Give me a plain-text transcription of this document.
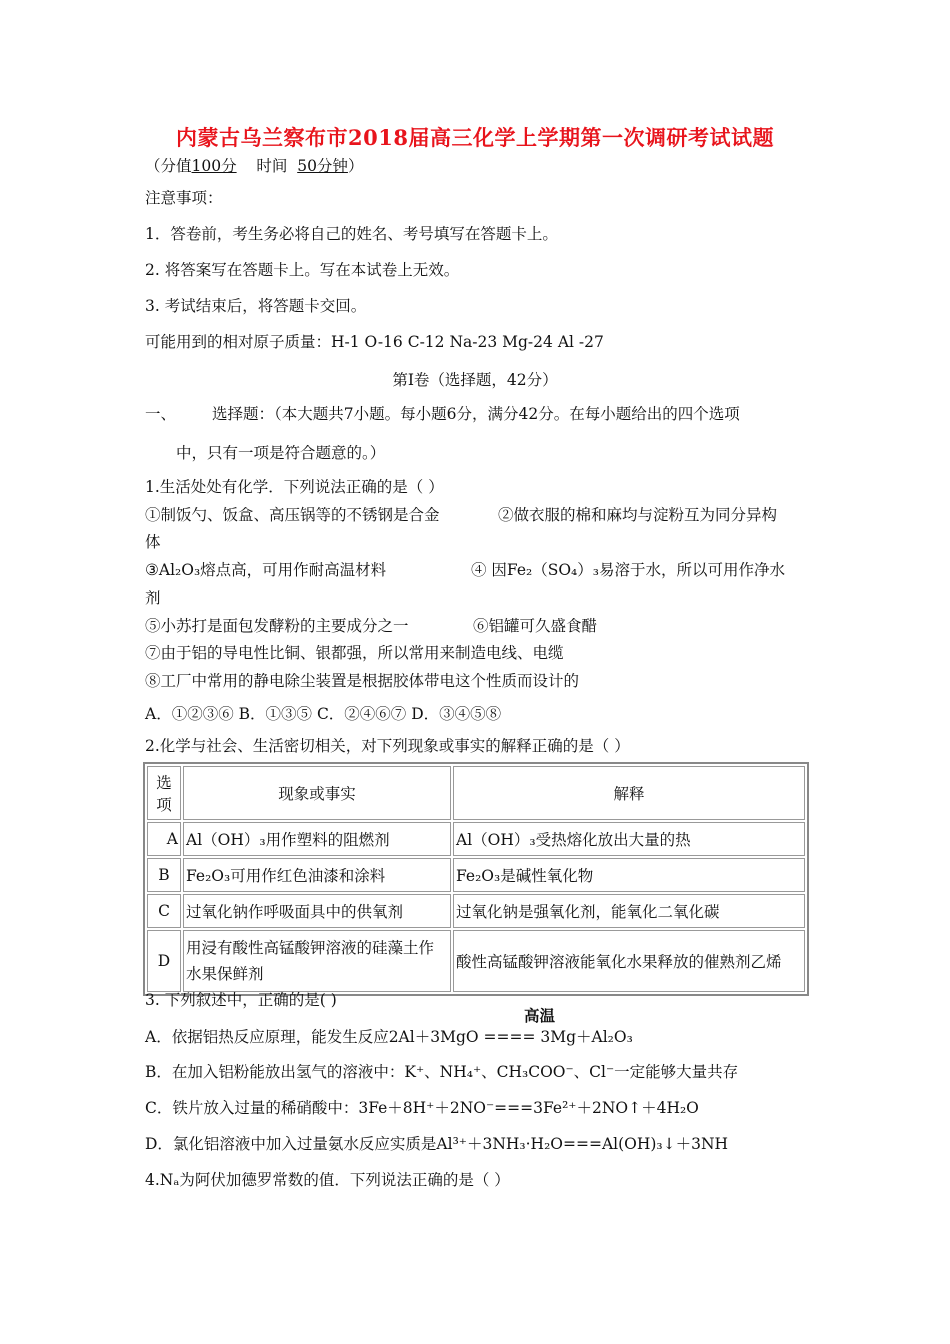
内蒙古乌兰察布市2018届高三化学上学期第一次调研考试试题
（分值100分 时间 50分钟）
注意事项：
1．答卷前，考生务必将自己的姓名、考号填写在答题卡上。
2. 将答案写在答题卡上。写在本试卷上无效。
3. 考试结束后，将答题卡交回。
可能用到的相对原子质量：H-1 O-16 C-12 Na-23 Mg-24 Al -27
第Ⅰ卷（选择题，42分）
一、 选择题：（本大题共7小题。每小题6分，满分42分。在每小题给出的四个选项
中，只有一项是符合题意的。）
1.生活处处有化学．下列说法正确的是（ ）
①制饭勺、饭盒、高压锅等的不锈钢是合金	②做衣服的棉和麻均与淀粉互为同分异构
体
③Al₂O₃熔点高，可用作耐高温材料	④ 因Fe₂（SO₄）₃易溶于水，所以可用作净水
剂
⑤小苏打是面包发酵粉的主要成分之一	⑥铝罐可久盛食醋
⑦由于铝的导电性比铜、银都强，所以常用来制造电线、电缆
⑧工厂中常用的静电除尘装置是根据胶体带电这个性质而设计的
A．①②③⑥ B．①③⑤ C．②④⑥⑦ D．③④⑤⑧
2.化学与社会、生活密切相关，对下列现象或事实的解释正确的是（ ）
选项	现象或事实	解释
A	Al（OH）₃用作塑料的阻燃剂	Al（OH）₃受热熔化放出大量的热
B	Fe₂O₃可用作红色油漆和涂料	Fe₂O₃是碱性氧化物
C	过氧化钠作呼吸面具中的供氧剂	过氧化钠是强氧化剂，能氧化二氧化碳
D	用浸有酸性高锰酸钾溶液的硅藻土作水果保鲜剂	酸性高锰酸钾溶液能氧化水果释放的催熟剂乙烯
3. 下列叙述中，正确的是( )
高温
A．依据铝热反应原理，能发生反应2Al＋3MgO ==== 3Mg＋Al₂O₃
B．在加入铝粉能放出氢气的溶液中：K⁺、NH₄⁺、CH₃COO⁻、Cl⁻一定能够大量共存
C．铁片放入过量的稀硝酸中：3Fe＋8H⁺＋2NO⁻===3Fe²⁺＋2NO↑＋4H₂O
D．氯化铝溶液中加入过量氨水反应实质是Al³⁺＋3NH₃·H₂O===Al(OH)₃↓＋3NH
4.Nₐ为阿伏加德罗常数的值．下列说法正确的是（ ）
